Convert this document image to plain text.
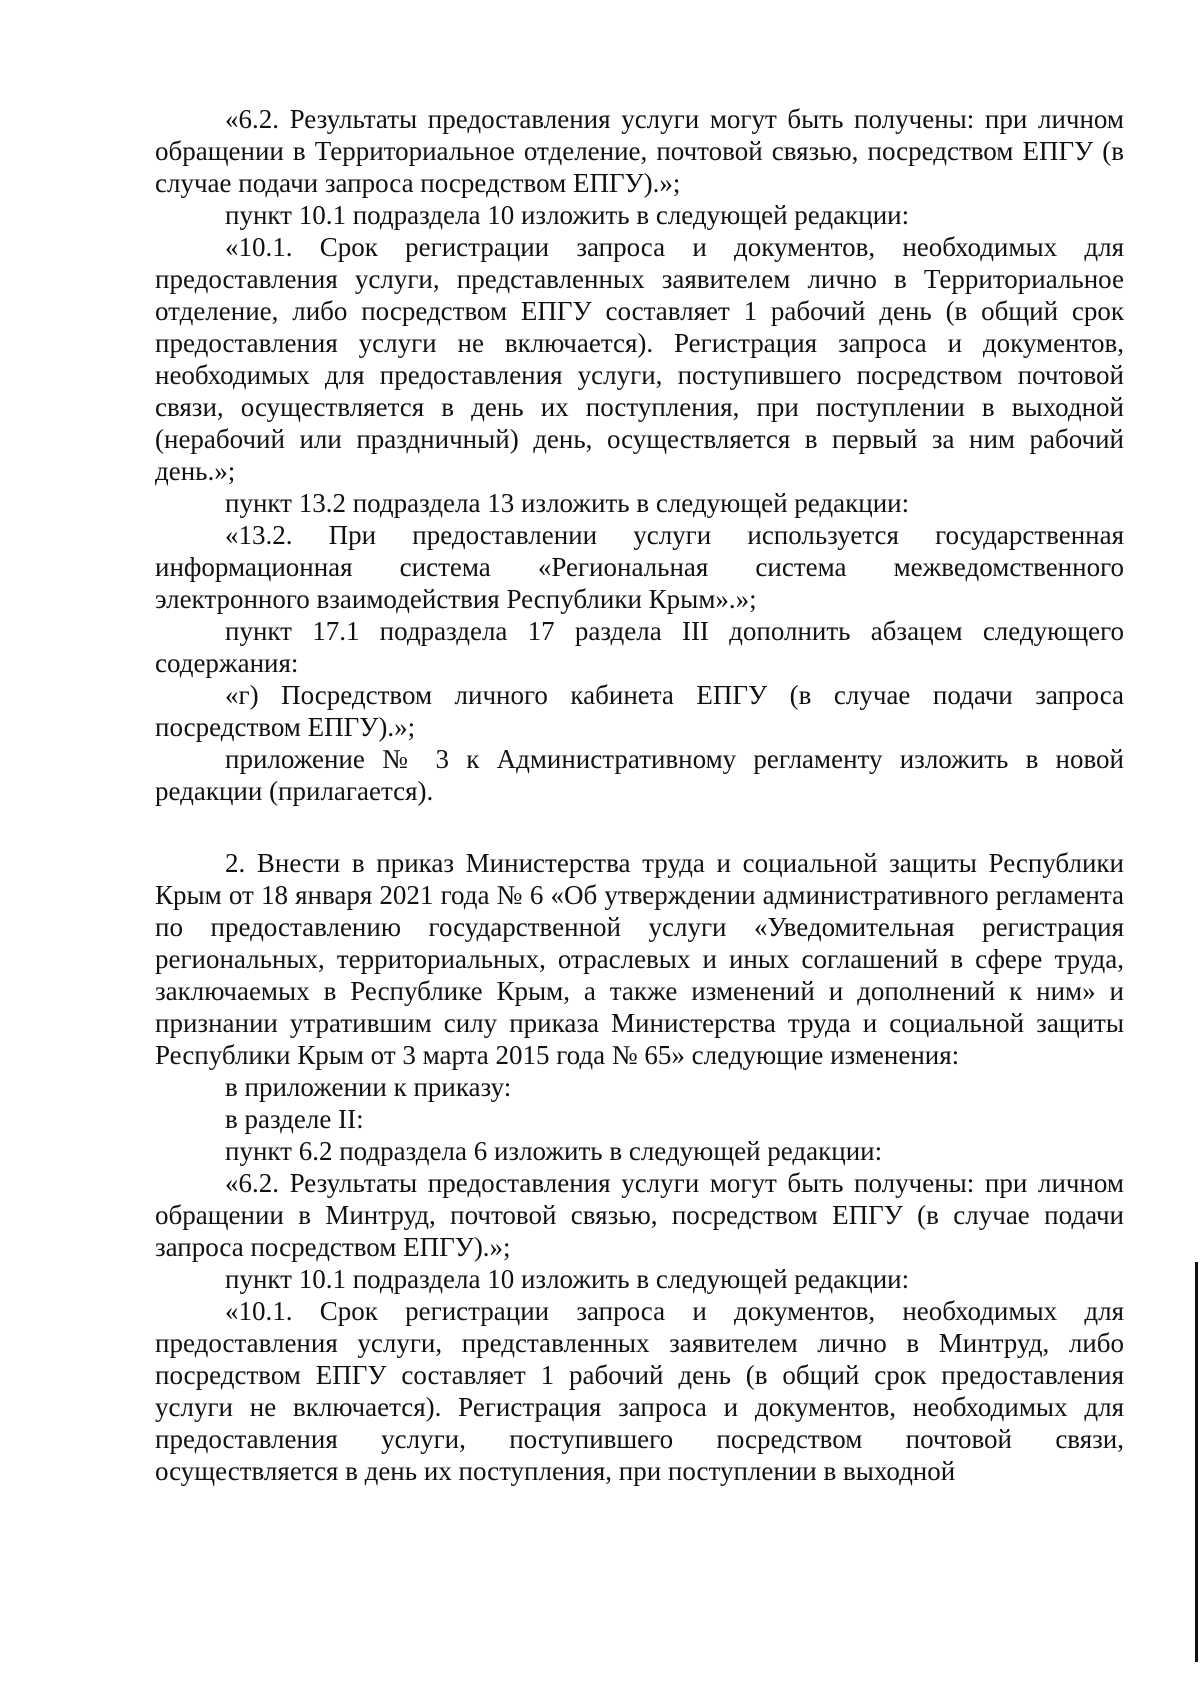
«6.2. Результаты предоставления услуги могут быть получены: при личном обращении в Территориальное отделение, почтовой связью, посредством ЕПГУ (в случае подачи запроса посредством ЕПГУ).»;

пункт 10.1 подраздела 10 изложить в следующей редакции:

«10.1. Срок регистрации запроса и документов, необходимых для предоставления услуги, представленных заявителем лично в Территориальное отделение, либо посредством ЕПГУ составляет 1 рабочий день (в общий срок предоставления услуги не включается). Регистрация запроса и документов, необходимых для предоставления услуги, поступившего посредством почтовой связи, осуществляется в день их поступления, при поступлении в выходной (нерабочий или праздничный) день, осуществляется в первый за ним рабочий день.»;

пункт 13.2 подраздела 13 изложить в следующей редакции:

«13.2. При предоставлении услуги используется государственная информационная система «Региональная система межведомственного электронного взаимодействия Республики Крым».»;

пункт 17.1 подраздела 17 раздела III дополнить абзацем следующего содержания:

«г) Посредством личного кабинета ЕПГУ (в случае подачи запроса посредством ЕПГУ).»;

приложение № 3 к Административному регламенту изложить в новой редакции (прилагается).

2. Внести в приказ Министерства труда и социальной защиты Республики Крым от 18 января 2021 года № 6 «Об утверждении административного регламента по предоставлению государственной услуги «Уведомительная регистрация региональных, территориальных, отраслевых и иных соглашений в сфере труда, заключаемых в Республике Крым, а также изменений и дополнений к ним» и признании утратившим силу приказа Министерства труда и социальной защиты Республики Крым от 3 марта 2015 года № 65» следующие изменения:

в приложении к приказу:

в разделе II:

пункт 6.2 подраздела 6 изложить в следующей редакции:

«6.2. Результаты предоставления услуги могут быть получены: при личном обращении в Минтруд, почтовой связью, посредством ЕПГУ (в случае подачи запроса посредством ЕПГУ).»;

пункт 10.1 подраздела 10 изложить в следующей редакции:

«10.1. Срок регистрации запроса и документов, необходимых для предоставления услуги, представленных заявителем лично в Минтруд, либо посредством ЕПГУ составляет 1 рабочий день (в общий срок предоставления услуги не включается). Регистрация запроса и документов, необходимых для предоставления услуги, поступившего посредством почтовой связи, осуществляется в день их поступления, при поступлении в выходной
